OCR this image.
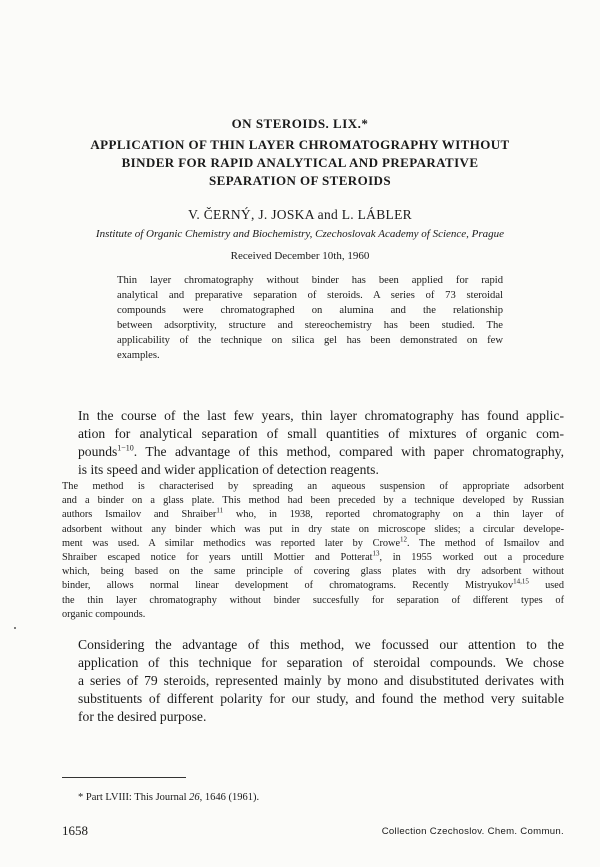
ON STEROIDS. LIX.*
APPLICATION OF THIN LAYER CHROMATOGRAPHY WITHOUT
BINDER FOR RAPID ANALYTICAL AND PREPARATIVE
SEPARATION OF STEROIDS
V. ČERNÝ, J. JOSKA and L. LÁBLER
Institute of Organic Chemistry and Biochemistry, Czechoslovak Academy of Science, Prague
Received December 10th, 1960
Thin layer chromatography without binder has been applied for rapid
analytical and preparative separation of steroids. A series of 73 steroidal
compounds were chromatographed on alumina and the relationship
between adsorptivity, structure and stereochemistry has been studied. The
applicability of the technique on silica gel has been demonstrated on few
examples.
In the course of the last few years, thin layer chromatography has found applic-
ation for analytical separation of small quantities of mixtures of organic com-
pounds$^{1-10}$. The advantage of this method, compared with paper chromatography,
is its speed and wider application of detection reagents.
The method is characterised by spreading an aqueous suspension of appropriate adsorbent
and a binder on a glass plate. This method had been preceded by a technique developed by Russian
authors Ismailov and Shraiber$^{11}$ who, in 1938, reported chromatography on a thin layer of
adsorbent without any binder which was put in dry state on microscope slides; a circular develope-
ment was used. A similar methodics was reported later by Crowe$^{12}$. The method of Ismailov and
Shraiber escaped notice for years untill Mottier and Potterat$^{13}$, in 1955 worked out a procedure
which, being based on the same principle of covering glass plates with dry adsorbent without
binder, allows normal linear development of chromatograms. Recently Mistryukov$^{14,15}$ used
the thin layer chromatography without binder succesfully for separation of different types of
organic compounds.
Considering the advantage of this method, we focussed our attention to the
application of this technique for separation of steroidal compounds. We chose
a series of 79 steroids, represented mainly by mono and disubstituted derivates with
substituents of different polarity for our study, and found the method very suitable
for the desired purpose.
* Part LVIII: This Journal 26, 1646 (1961).
1658	Collection Czechoslov. Chem. Commun.
